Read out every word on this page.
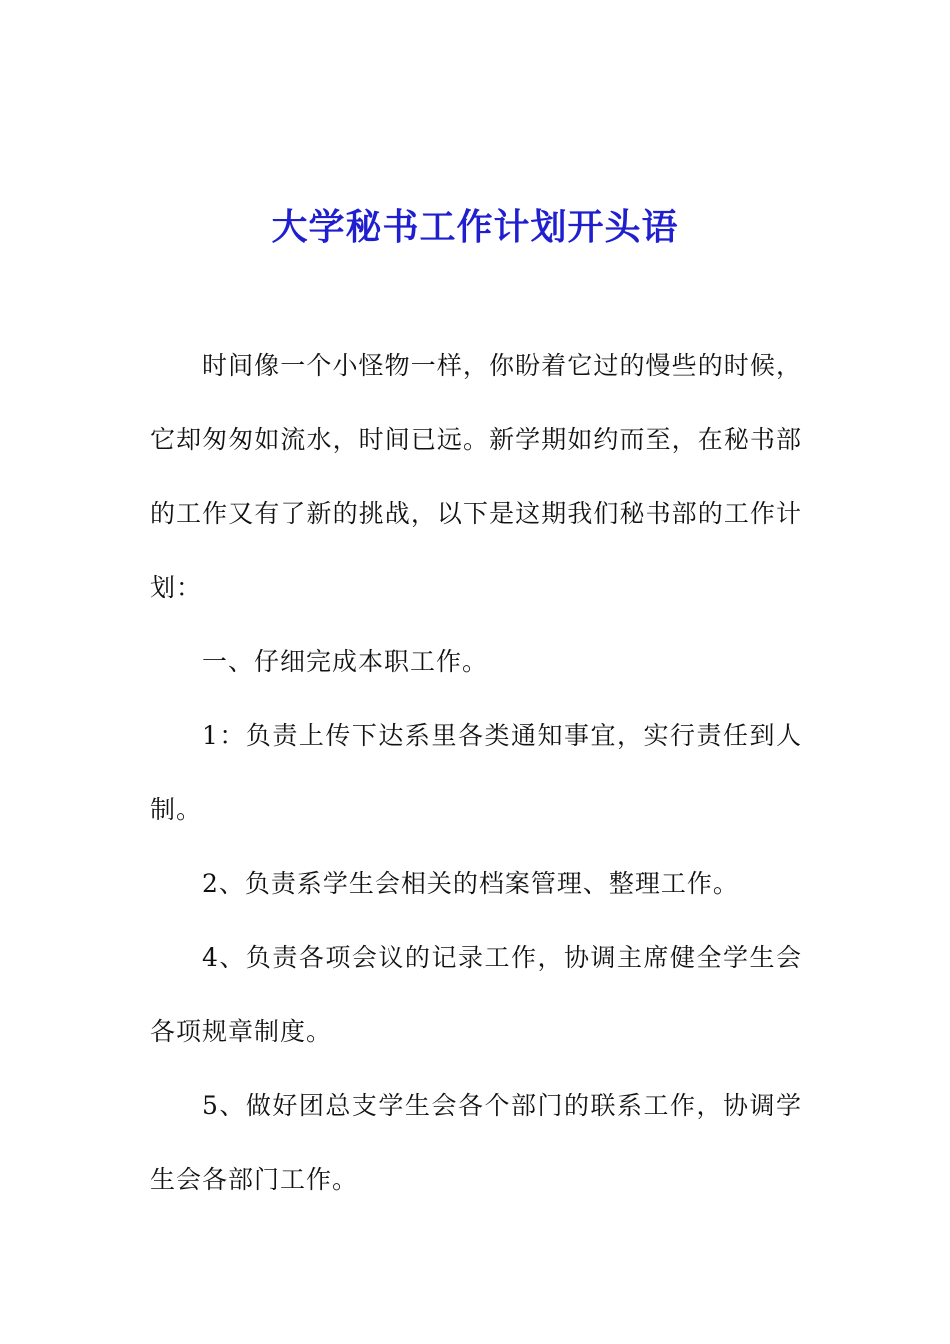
大学秘书工作计划开头语

时间像一个小怪物一样，你盼着它过的慢些的时候，它却匆匆如流水，时间已远。新学期如约而至，在秘书部的工作又有了新的挑战，以下是这期我们秘书部的工作计划：

一、仔细完成本职工作。

1：负责上传下达系里各类通知事宜，实行责任到人制。

2、负责系学生会相关的档案管理、整理工作。

4、负责各项会议的记录工作，协调主席健全学生会各项规章制度。

5、做好团总支学生会各个部门的联系工作，协调学生会各部门工作。
